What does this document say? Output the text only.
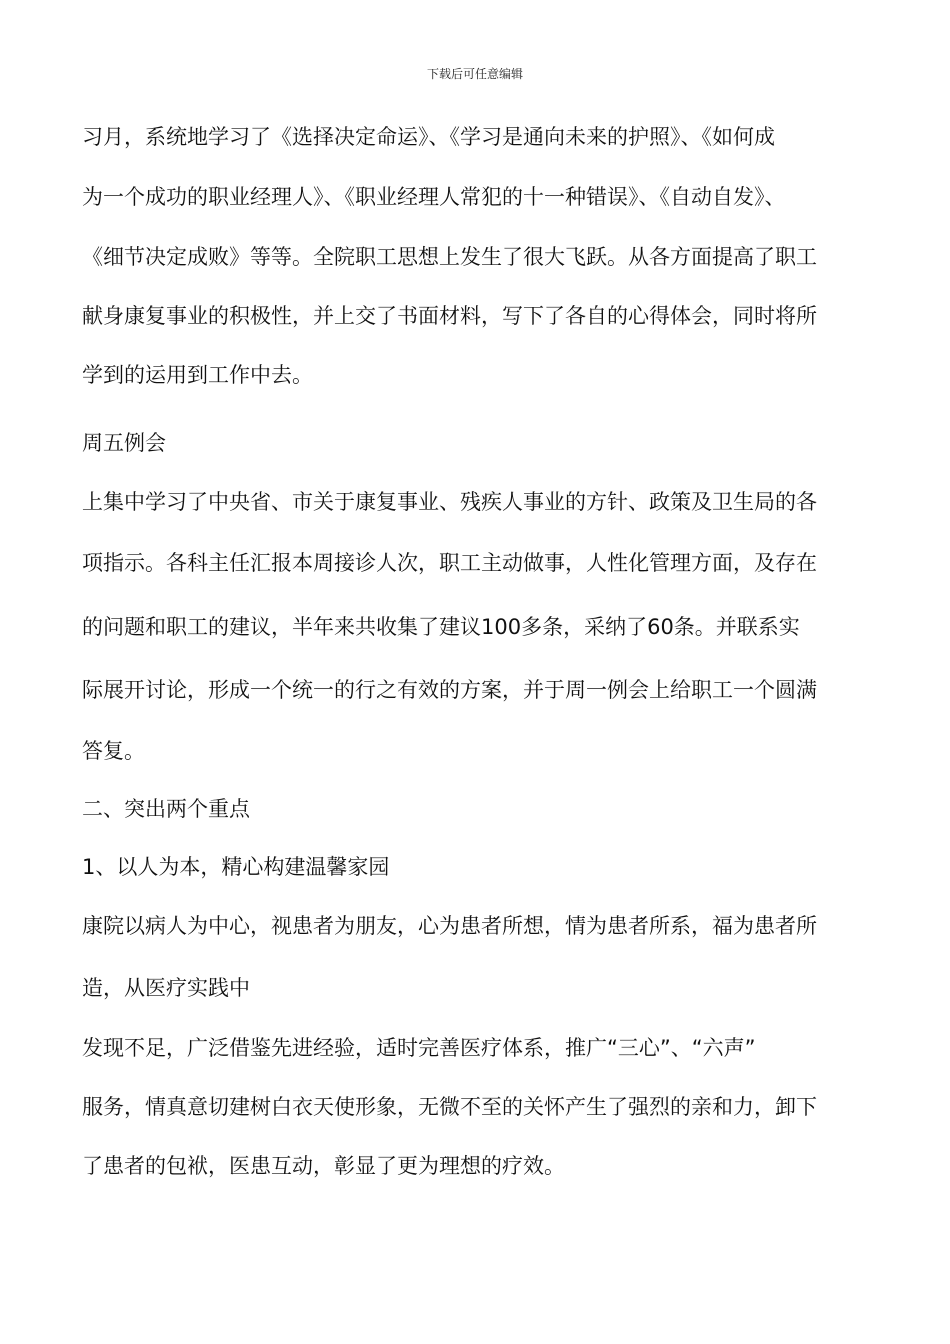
下载后可任意编辑
习月，系统地学习了《选择决定命运》、《学习是通向未来的护照》、《如何成
为一个成功的职业经理人》、《职业经理人常犯的十一种错误》、《自动自发》、
《细节决定成败》等等。全院职工思想上发生了很大飞跃。从各方面提高了职工
献身康复事业的积极性，并上交了书面材料，写下了各自的心得体会，同时将所
学到的运用到工作中去。
周五例会
上集中学习了中央省、市关于康复事业、残疾人事业的方针、政策及卫生局的各
项指示。各科主任汇报本周接诊人次，职工主动做事，人性化管理方面，及存在
的问题和职工的建议，半年来共收集了建议100多条，采纳了60条。并联系实
际展开讨论，形成一个统一的行之有效的方案，并于周一例会上给职工一个圆满
答复。
二、突出两个重点
1、以人为本，精心构建温馨家园
康院以病人为中心，视患者为朋友，心为患者所想，情为患者所系，福为患者所
造，从医疗实践中
发现不足，广泛借鉴先进经验，适时完善医疗体系，推广“三心”、“六声”
服务，情真意切建树白衣天使形象，无微不至的关怀产生了强烈的亲和力，卸下
了患者的包袱，医患互动，彰显了更为理想的疗效。
